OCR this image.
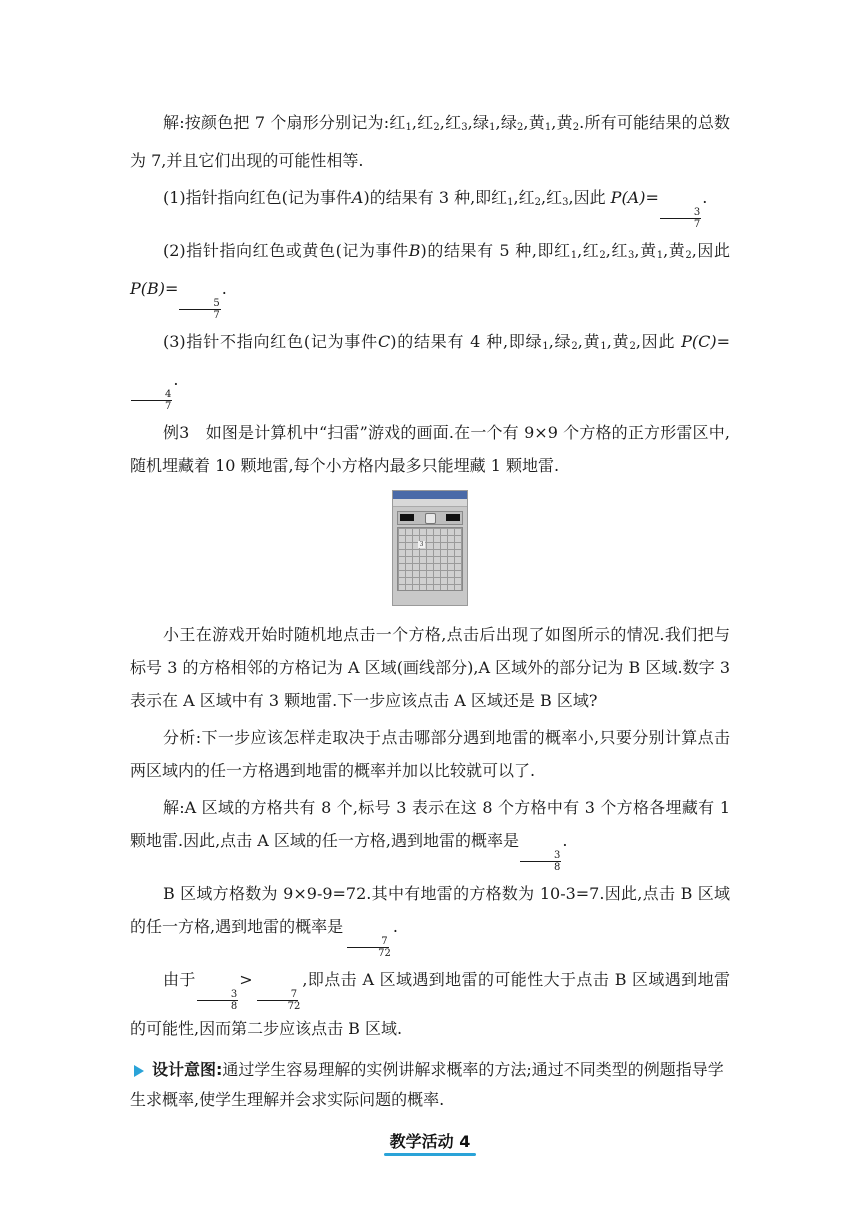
解:按颜色把 7 个扇形分别记为:红$_1$,红$_2$,红$_3$,绿$_1$,绿$_2$,黄$_1$,黄$_2$.所有可能结果的总数为 7,并且它们出现的可能性相等.

(1)指针指向红色(记为事件A)的结果有 3 种,即红$_1$,红$_2$,红$_3$,因此 P(A)=
$\frac{3}{7}$
.

(2)指针指向红色或黄色(记为事件B)的结果有 5 种,即红$_1$,红$_2$,红$_3$,黄$_1$,黄$_2$,因此 P(B)=
$\frac{5}{7}$
.

(3)指针不指向红色(记为事件C)的结果有 4 种,即绿$_1$,绿$_2$,黄$_1$,黄$_2$,因此 P(C)=
$\frac{4}{7}$
.

例3　如图是计算机中“扫雷”游戏的画面.在一个有 9×9 个方格的正方形雷区中,随机埋藏着 10 颗地雷,每个小方格内最多只能埋藏 1 颗地雷.

3

小王在游戏开始时随机地点击一个方格,点击后出现了如图所示的情况.我们把与标号 3 的方格相邻的方格记为 A 区域(画线部分),A 区域外的部分记为 B 区域.数字 3 表示在 A 区域中有 3 颗地雷.下一步应该点击 A 区域还是 B 区域?

分析:下一步应该怎样走取决于点击哪部分遇到地雷的概率小,只要分别计算点击两区域内的任一方格遇到地雷的概率并加以比较就可以了.

解:A 区域的方格共有 8 个,标号 3 表示在这 8 个方格中有 3 个方格各埋藏有 1 颗地雷.因此,点击 A 区域的任一方格,遇到地雷的概率是
$\frac{3}{8}$
.

B 区域方格数为 9×9-9=72.其中有地雷的方格数为 10-3=7.因此,点击 B 区域的任一方格,遇到地雷的概率是
$\frac{7}{72}$
.

由于
$\frac{3}{8}$
>
$\frac{7}{72}$
,即点击 A 区域遇到地雷的可能性大于点击 B 区域遇到地雷的可能性,因而第二步应该点击 B 区域.

设计意图:通过学生容易理解的实例讲解求概率的方法;通过不同类型的例题指导学生求概率,使学生理解并会求实际问题的概率.

教学活动 4
